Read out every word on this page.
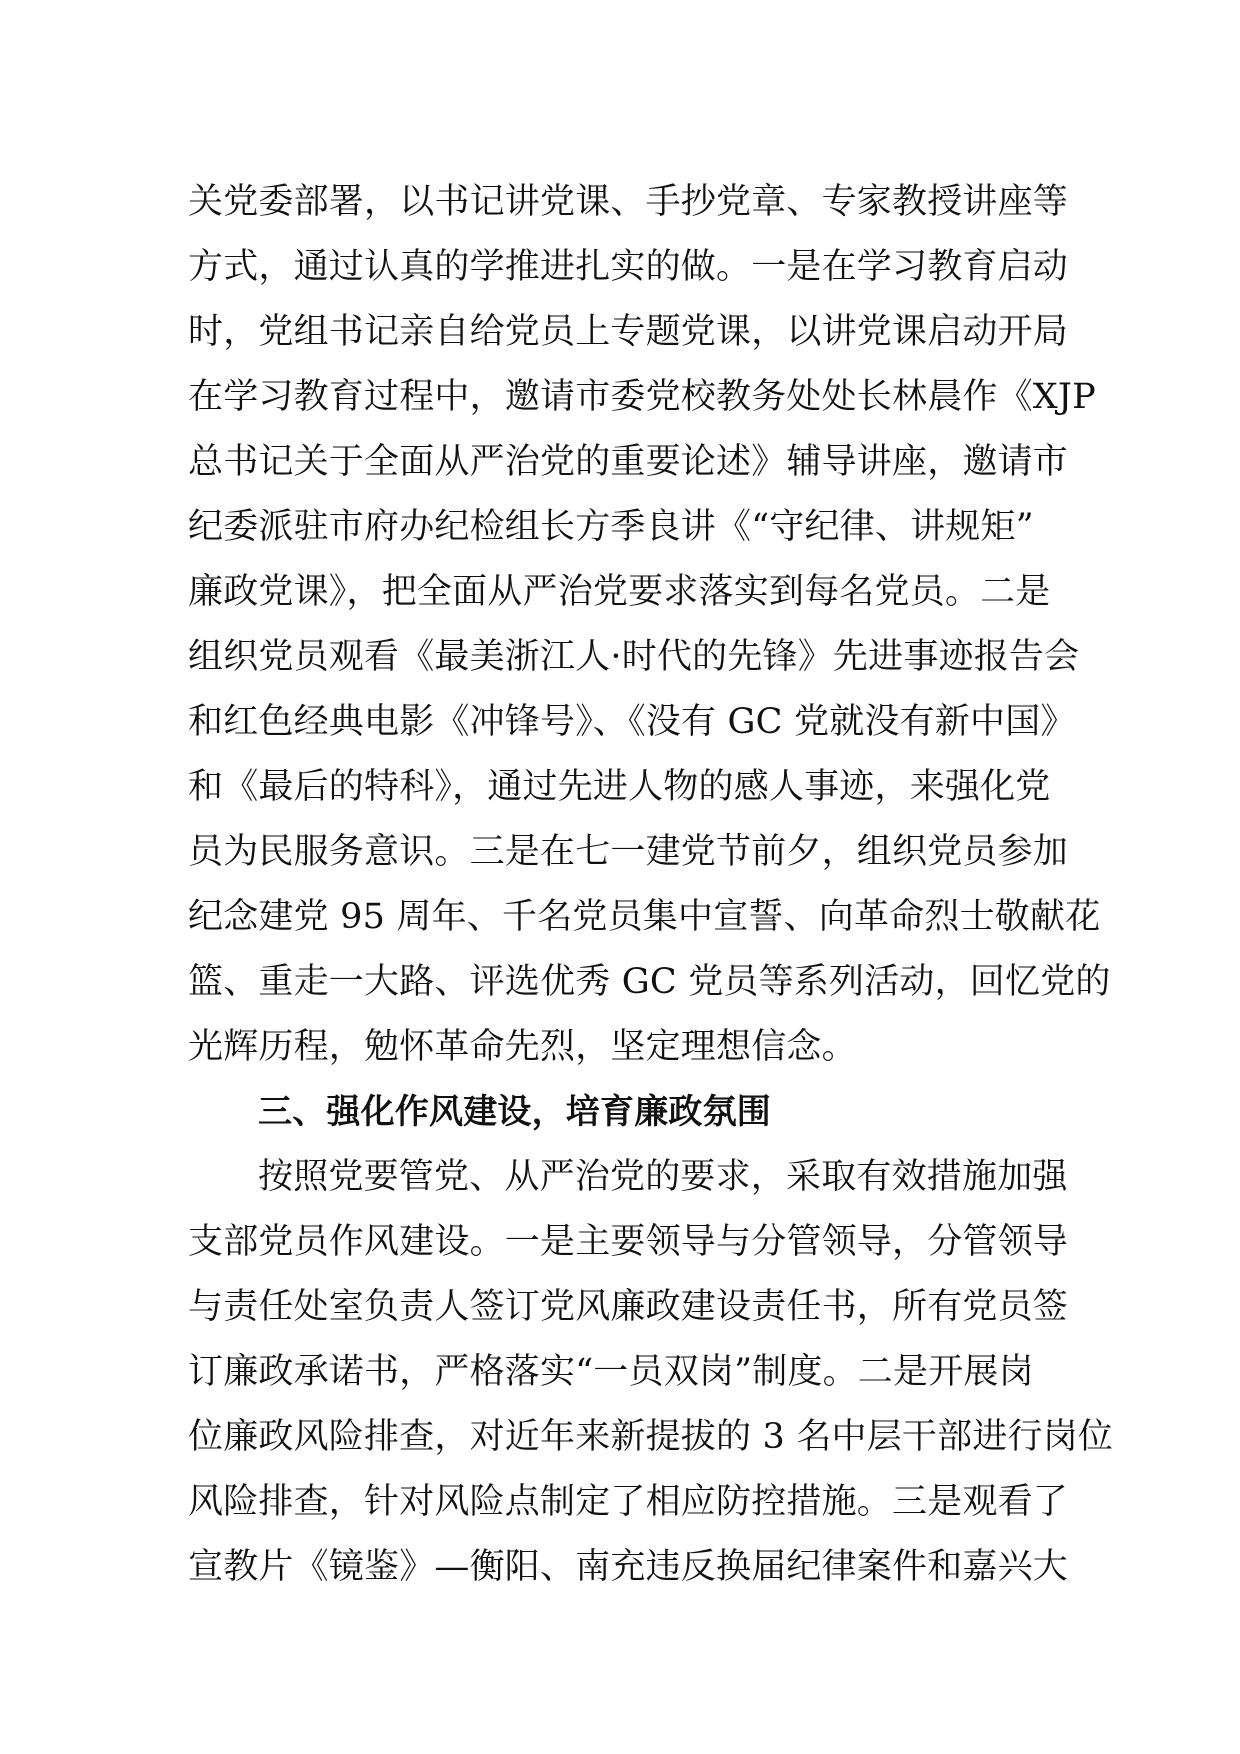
关党委部署，以书记讲党课、手抄党章、专家教授讲座等
方式，通过认真的学推进扎实的做。一是在学习教育启动
时，党组书记亲自给党员上专题党课，以讲党课启动开局
在学习教育过程中，邀请市委党校教务处处长林晨作《XJP
总书记关于全面从严治党的重要论述》辅导讲座，邀请市
纪委派驻市府办纪检组长方季良讲《“守纪律、讲规矩”
廉政党课》，把全面从严治党要求落实到每名党员。二是
组织党员观看《最美浙江人·时代的先锋》先进事迹报告会
和红色经典电影《冲锋号》、《没有 GC 党就没有新中国》
和《最后的特科》，通过先进人物的感人事迹，来强化党
员为民服务意识。三是在七一建党节前夕，组织党员参加
纪念建党 95 周年、千名党员集中宣誓、向革命烈士敬献花
篮、重走一大路、评选优秀 GC 党员等系列活动，回忆党的
光辉历程，勉怀革命先烈，坚定理想信念。
三、强化作风建设，培育廉政氛围
按照党要管党、从严治党的要求，采取有效措施加强
支部党员作风建设。一是主要领导与分管领导，分管领导
与责任处室负责人签订党风廉政建设责任书，所有党员签
订廉政承诺书，严格落实“一员双岗”制度。二是开展岗
位廉政风险排查，对近年来新提拔的 3 名中层干部进行岗位
风险排查，针对风险点制定了相应防控措施。三是观看了
宣教片《镜鉴》—衡阳、南充违反换届纪律案件和嘉兴大
